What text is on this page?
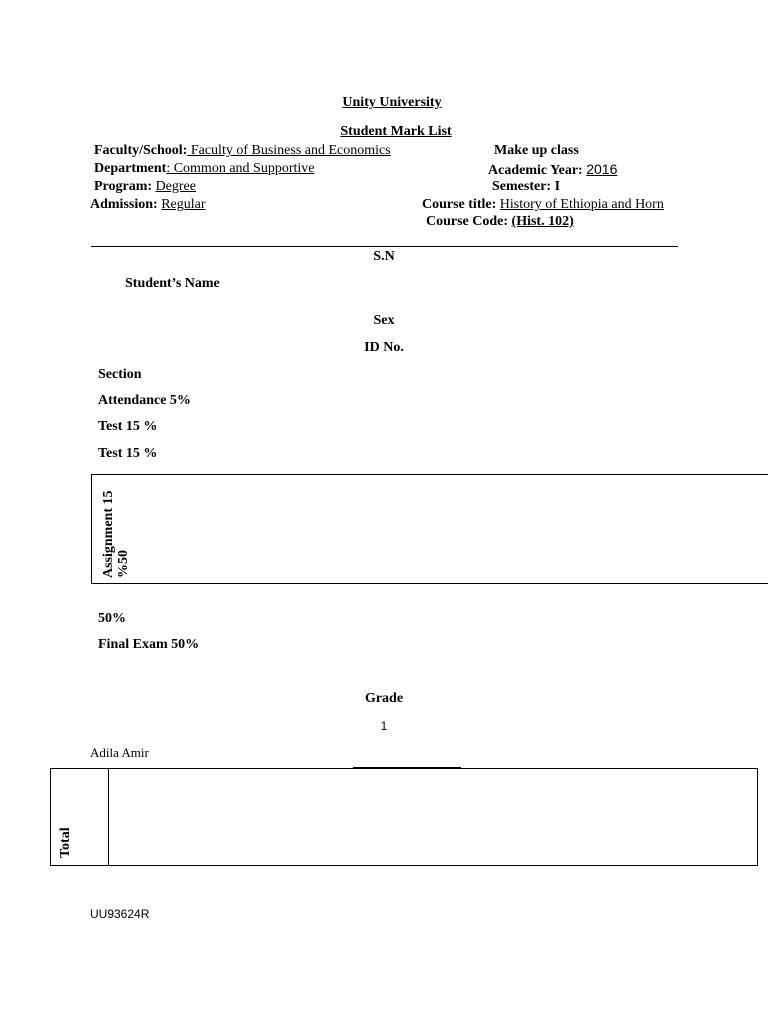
Unity University
Student Mark List
Faculty/School: Faculty of Business and Economics
Department: Common and Supportive
Program: Degree
Admission: Regular
Make up class
Academic Year: 2016
Semester: I
Course title: History of Ethiopia and Horn
Course Code: (Hist. 102)
S.N
Student’s Name
Sex
ID No.
Section
Attendance 5%
Test 15 %
Test 15 %
Assignment 15 %50
50%
Final Exam 50%
Grade
1
Adila Amir
Total
UU93624R
